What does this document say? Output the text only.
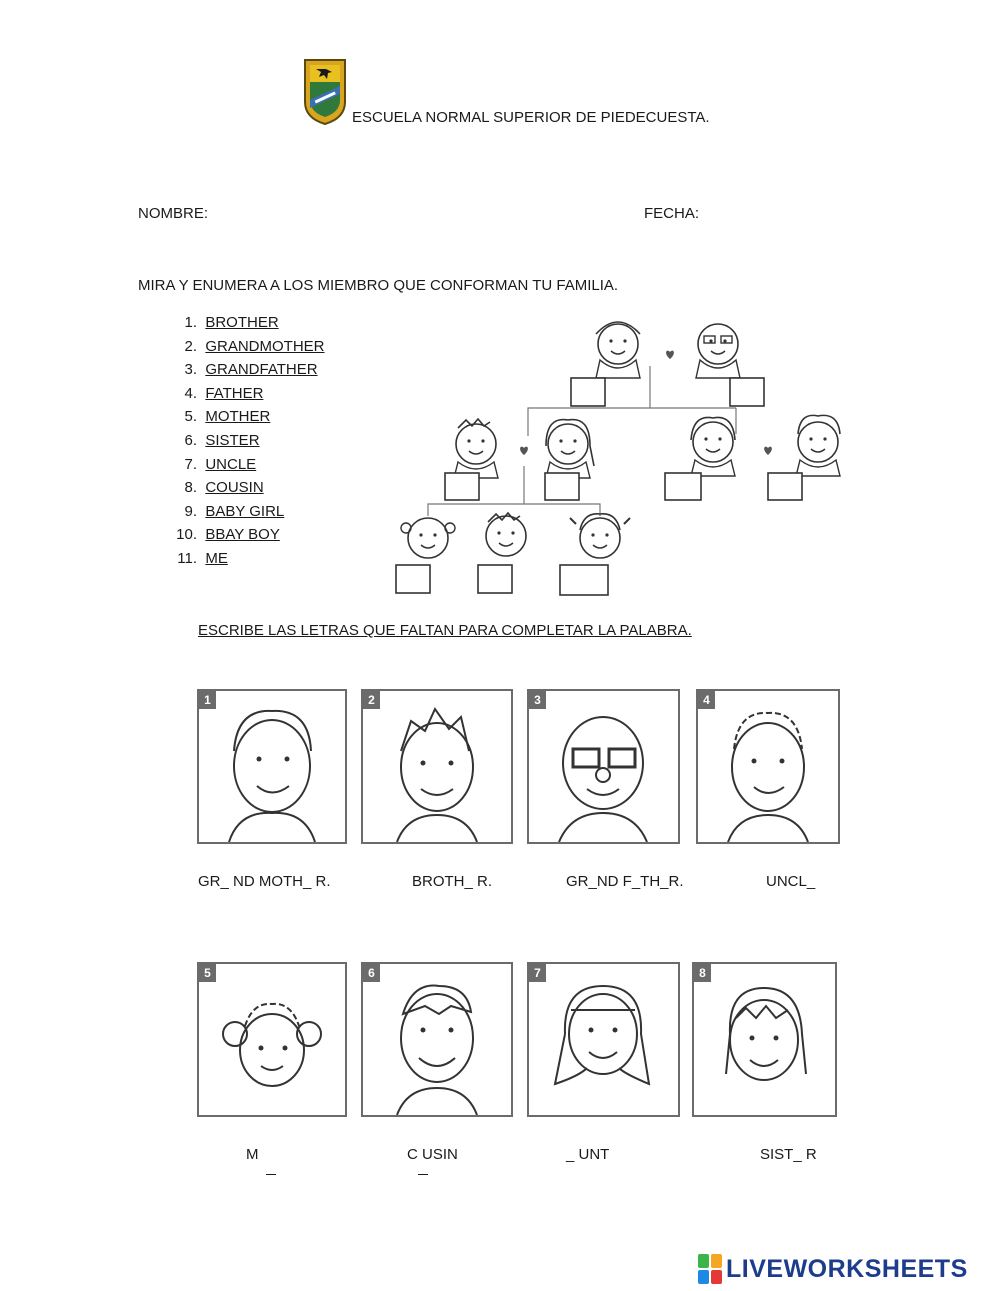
ESCUELA NORMAL SUPERIOR DE PIEDECUESTA.
NOMBRE:	FECHA:
MIRA Y ENUMERA A LOS MIEMBRO QUE CONFORMAN TU FAMILIA.
1. BROTHER
2. GRANDMOTHER
3. GRANDFATHER
4. FATHER
5. MOTHER
6. SISTER
7. UNCLE
8. COUSIN
9. BABY GIRL
10. BBAY BOY
11. ME
ESCRIBE LAS LETRAS QUE FALTAN PARA COMPLETAR LA PALABRA.
1	2	3	4
GR_ ND MOTH_ R.	BROTH_ R.	GR_ND F_TH_R.	UNCL_
5	6	7	8
M	C USIN	_ UNT	SIST_ R
LIVEWORKSHEETS
